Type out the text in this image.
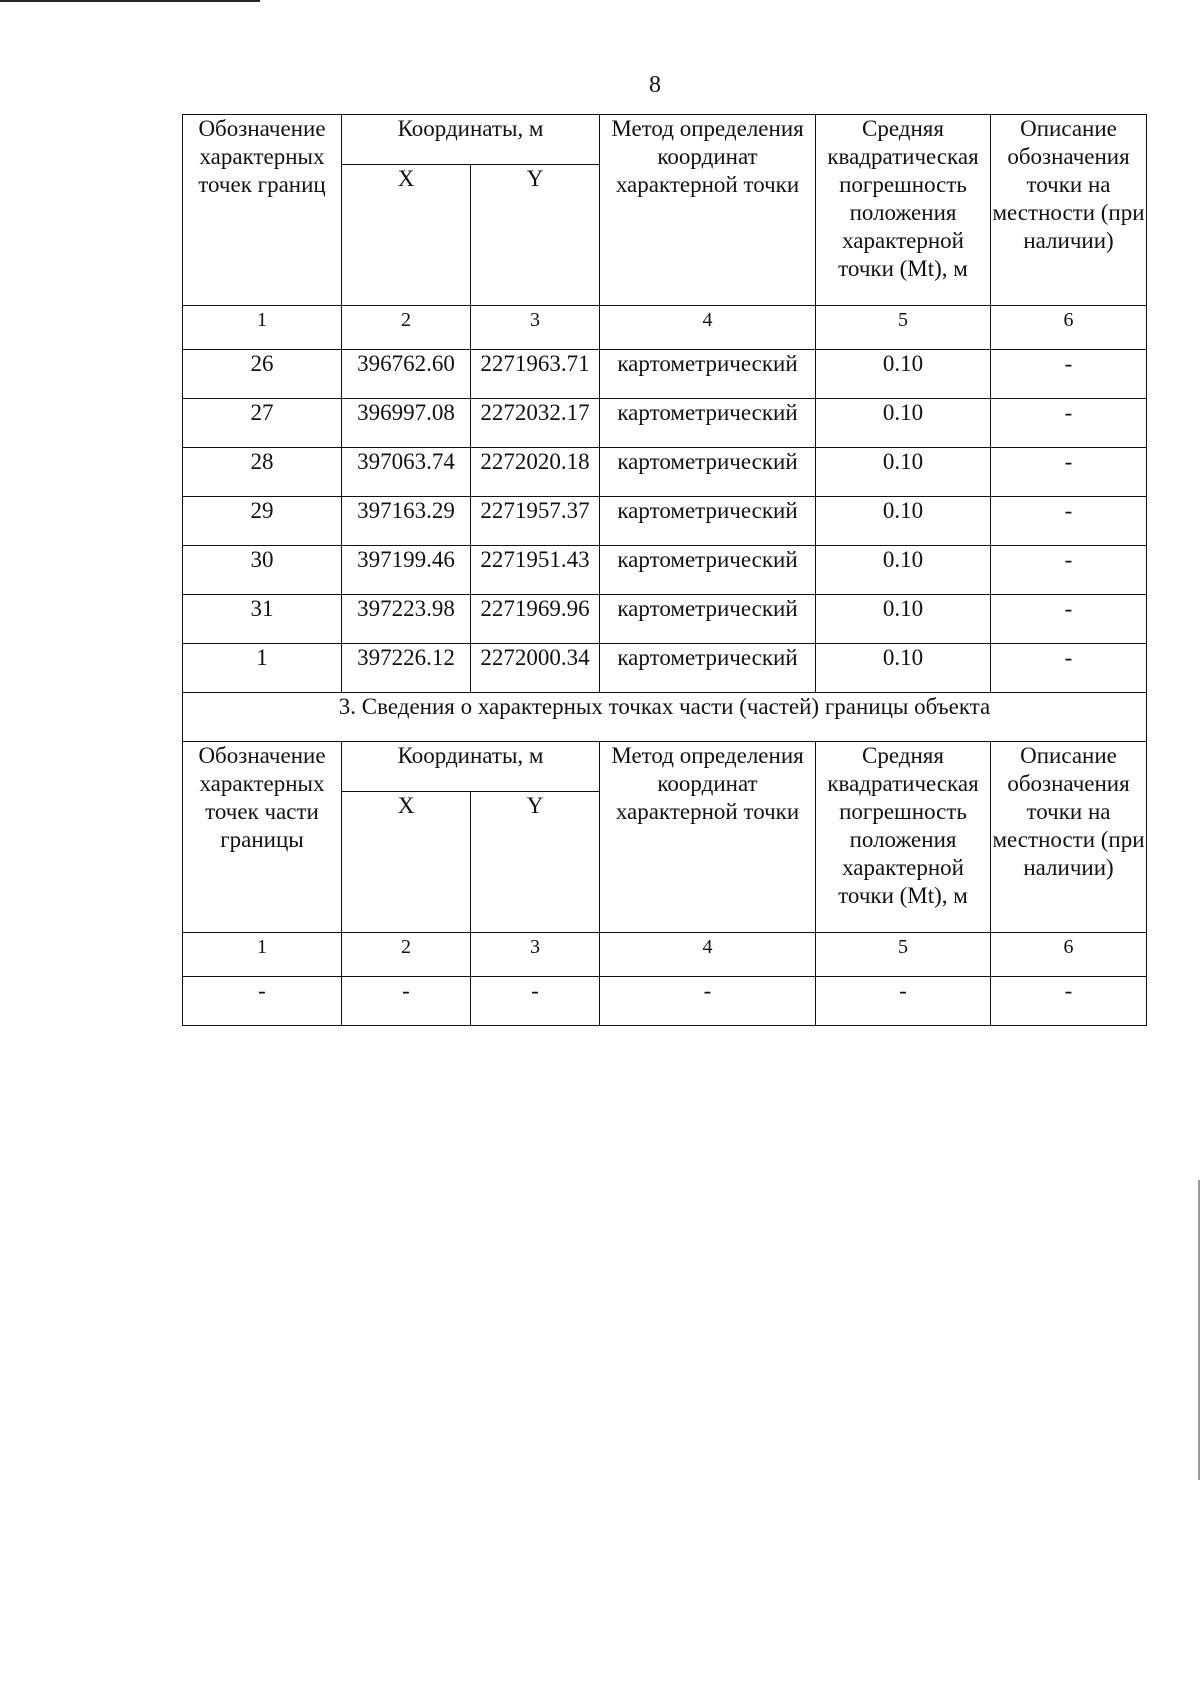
8
Обозначение характерных точек границ	Координаты, м		Метод определения координат характерной точки	Средняя квадратическая погрешность положения характерной точки (Mt), м	Описание обозначения точки на местности (при наличии)
	X	Y			
1	2	3	4	5	6
26	396762.60	2271963.71	картометрический	0.10	-
27	396997.08	2272032.17	картометрический	0.10	-
28	397063.74	2272020.18	картометрический	0.10	-
29	397163.29	2271957.37	картометрический	0.10	-
30	397199.46	2271951.43	картометрический	0.10	-
31	397223.98	2271969.96	картометрический	0.10	-
1	397226.12	2272000.34	картометрический	0.10	-
3. Сведения о характерных точках части (частей) границы объекта					
Обозначение характерных точек части границы	Координаты, м		Метод определения координат характерной точки	Средняя квадратическая погрешность положения характерной точки (Mt), м	Описание обозначения точки на местности (при наличии)
	X	Y			
1	2	3	4	5	6
-	-	-	-	-	-
